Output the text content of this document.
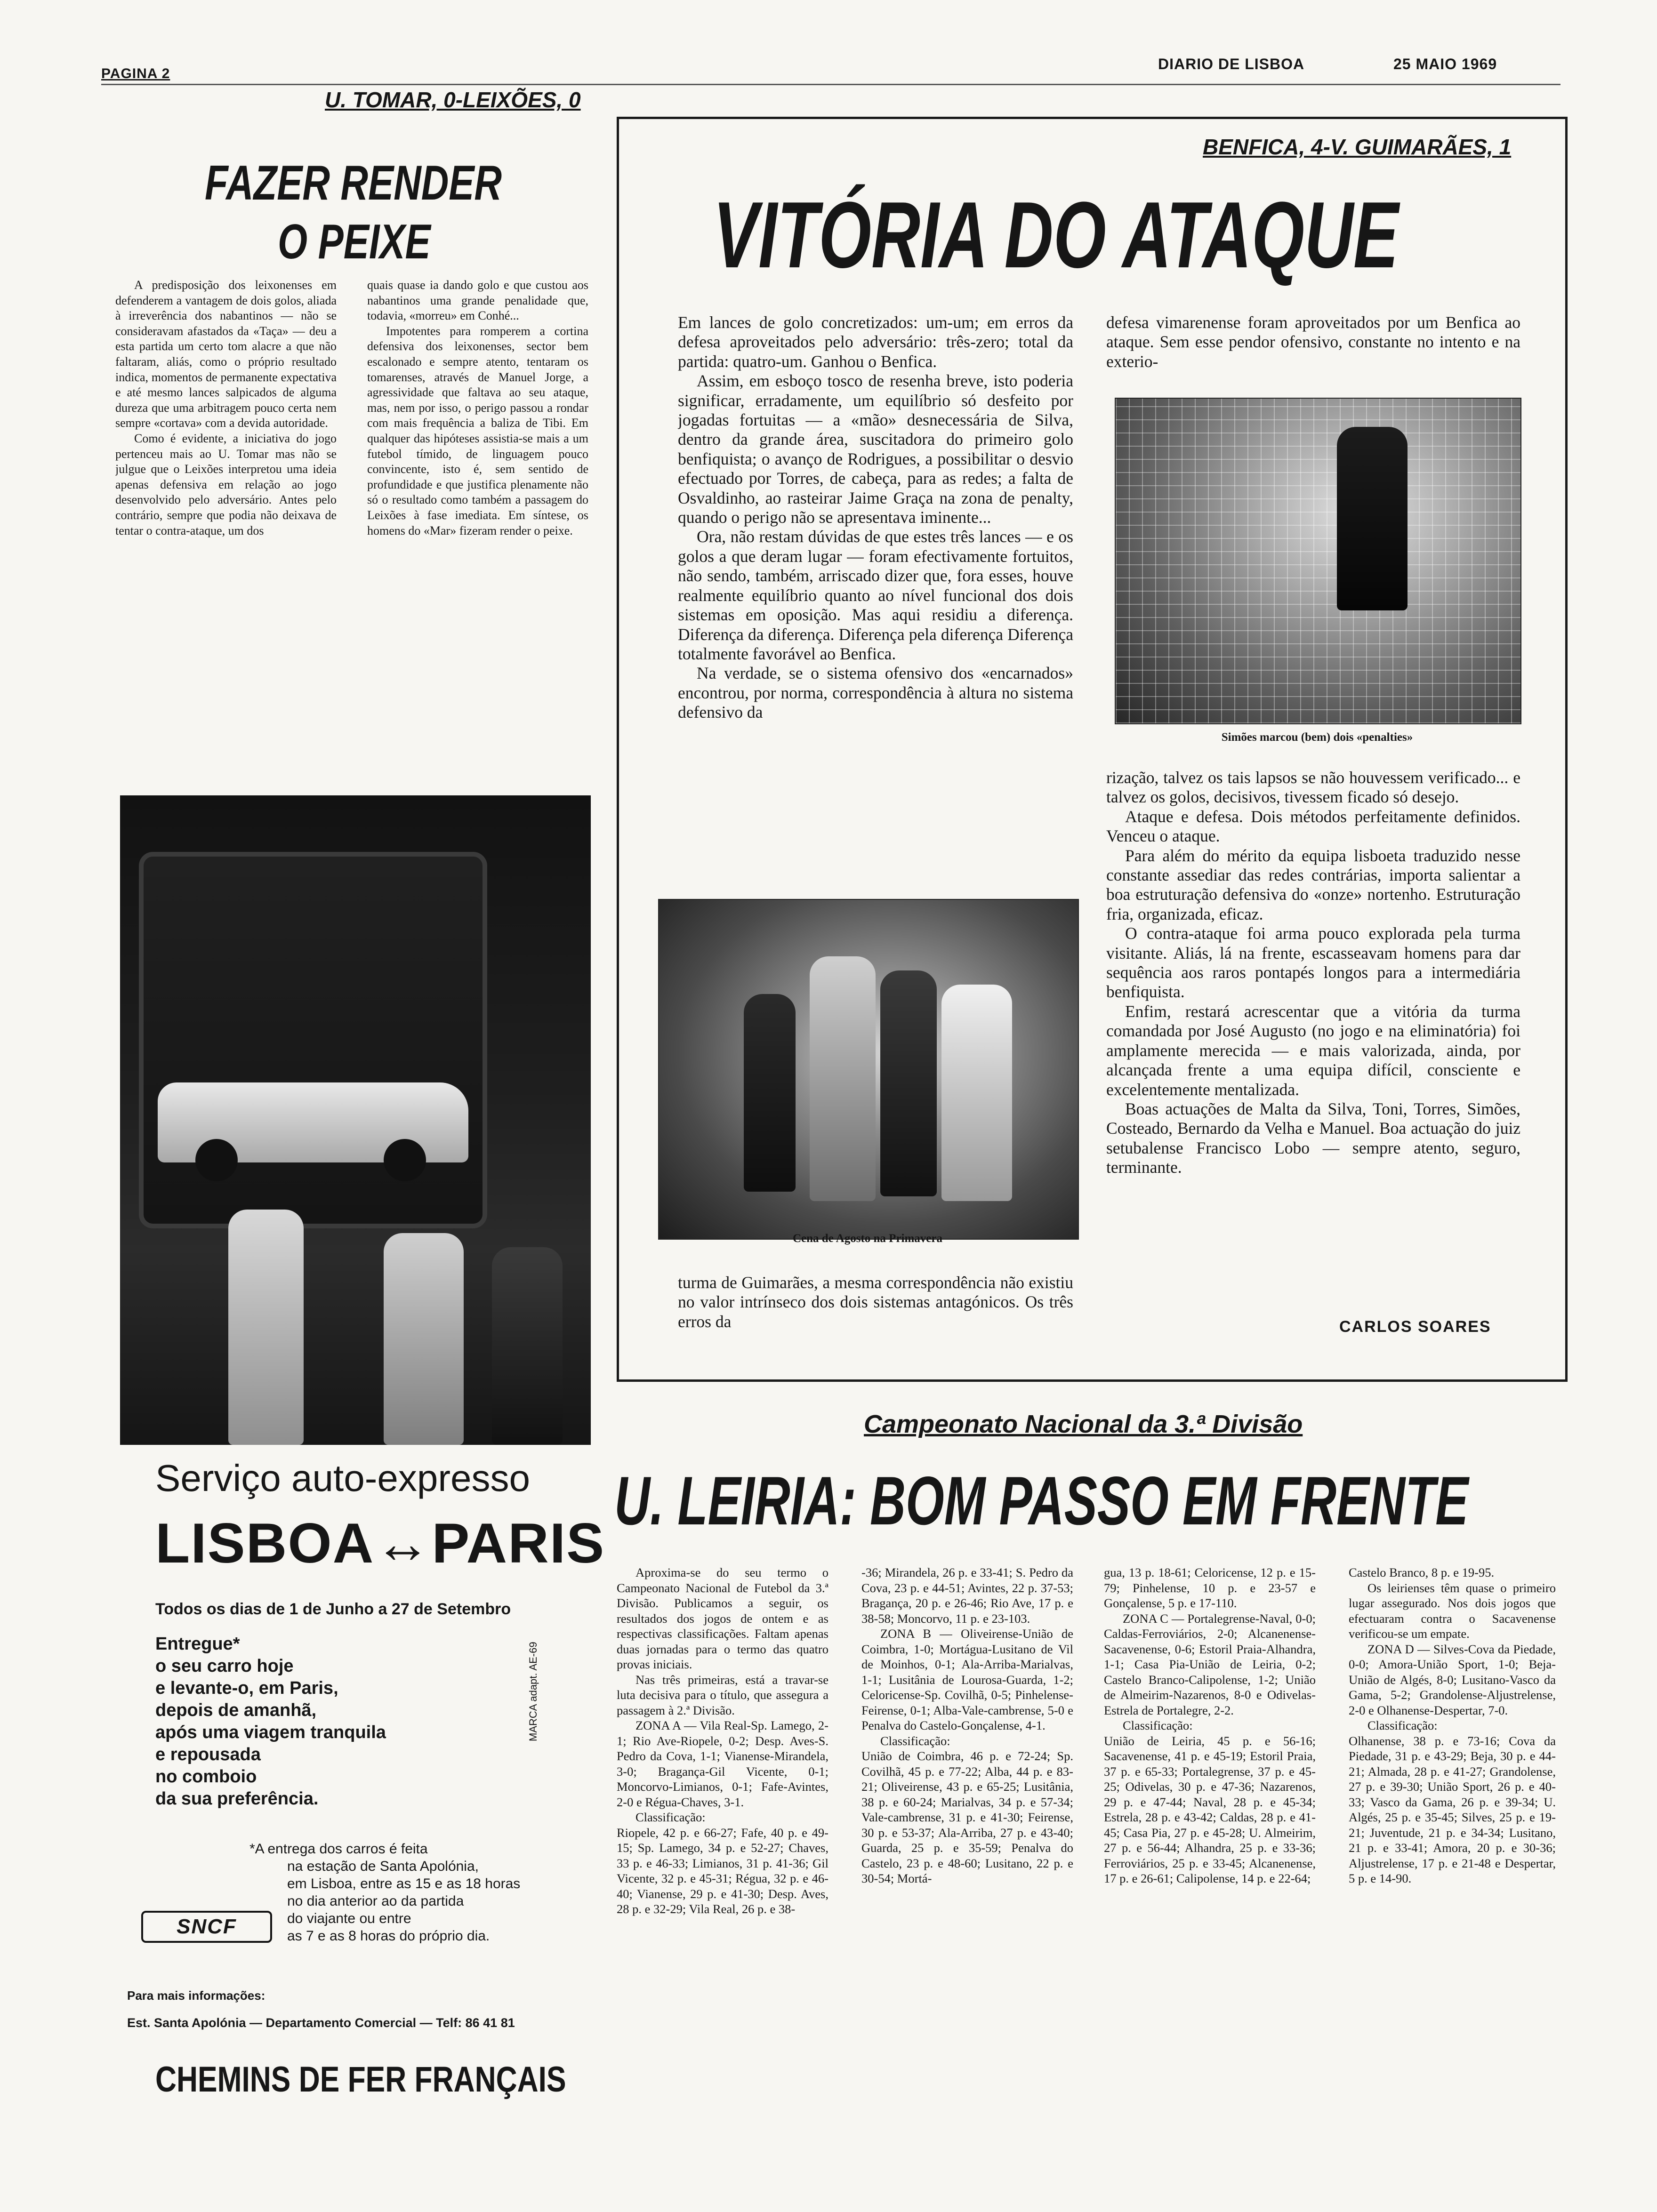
PAGINA 2
DIARIO DE LISBOA	25 MAIO 1969
U. TOMAR, 0-LEIXÕES, 0
FAZER RENDER
O PEIXE

A predisposição dos leixonenses em defenderem a vantagem de dois golos, aliada à irreverência dos nabantinos — não se consideravam afastados da «Taça» — deu a esta partida um certo tom alacre a que não faltaram, aliás, como o próprio resultado indica, momentos de permanente expectativa e até mesmo lances salpicados de alguma dureza que uma arbitragem pouco certa nem sempre «cortava» com a devida autoridade.

Como é evidente, a iniciativa do jogo pertenceu mais ao U. Tomar mas não se julgue que o Leixões interpretou uma ideia apenas defensiva em relação ao jogo desenvolvido pelo adversário. Antes pelo contrário, sempre que podia não deixava de tentar o contra-ataque, um dos

quais quase ia dando golo e que custou aos nabantinos uma grande penalidade que, todavia, «morreu» em Conhé...

Impotentes para romperem a cortina defensiva dos leixonenses, sector bem escalonado e sempre atento, tentaram os tomarenses, através de Manuel Jorge, a agressividade que faltava ao seu ataque, mas, nem por isso, o perigo passou a rondar com mais frequência a baliza de Tibi. Em qualquer das hipóteses assistia-se mais a um futebol tímido, de linguagem pouco convincente, isto é, sem sentido de profundidade e que justifica plenamente não só o resultado como também a passagem do Leixões à fase imediata. Em síntese, os homens do «Mar» fizeram render o peixe.

BENFICA, 4-V. GUIMARÃES, 1
VITÓRIA DO ATAQUE

Em lances de golo concretizados: um-um; em erros da defesa aproveitados pelo adversário: três-zero; total da partida: quatro-um. Ganhou o Benfica.

Assim, em esboço tosco de resenha breve, isto poderia significar, erradamente, um equilíbrio só desfeito por jogadas fortuitas — a «mão» desnecessária de Silva, dentro da grande área, suscitadora do primeiro golo benfiquista; o avanço de Rodrigues, a possibilitar o desvio efectuado por Torres, de cabeça, para as redes; a falta de Osvaldinho, ao rasteirar Jaime Graça na zona de penalty, quando o perigo não se apresentava iminente...

Ora, não restam dúvidas de que estes três lances — e os golos a que deram lugar — foram efectivamente fortuitos, não sendo, também, arriscado dizer que, fora esses, houve realmente equilíbrio quanto ao nível funcional dos dois sistemas em oposição. Mas aqui residiu a diferença. Diferença da diferença. Diferença pela diferença Diferença totalmente favorável ao Benfica.

Na verdade, se o sistema ofensivo dos «encarnados» encontrou, por norma, correspondência à altura no sistema defensivo da

Cena de Agosto na Primavera

turma de Guimarães, a mesma correspondência não existiu no valor intrínseco dos dois sistemas antagónicos. Os três erros da

defesa vimarenense foram aproveitados por um Benfica ao ataque. Sem esse pendor ofensivo, constante no intento e na exterio-

Simões marcou (bem) dois «penalties»

rização, talvez os tais lapsos se não houvessem verificado... e talvez os golos, decisivos, tivessem ficado só desejo.

Ataque e defesa. Dois métodos perfeitamente definidos. Venceu o ataque.

Para além do mérito da equipa lisboeta traduzido nesse constante assediar das redes contrárias, importa salientar a boa estruturação defensiva do «onze» nortenho. Estruturação fria, organizada, eficaz.

O contra-ataque foi arma pouco explorada pela turma visitante. Aliás, lá na frente, escasseavam homens para dar sequência aos raros pontapés longos para a intermediária benfiquista.

Enfim, restará acrescentar que a vitória da turma comandada por José Augusto (no jogo e na eliminatória) foi amplamente merecida — e mais valorizada, ainda, por alcançada frente a uma equipa difícil, consciente e excelentemente mentalizada.

Boas actuações de Malta da Silva, Toni, Torres, Simões, Costeado, Bernardo da Velha e Manuel. Boa actuação do juiz setubalense Francisco Lobo — sempre atento, seguro, terminante.

CARLOS SOARES
Serviço auto-expresso
LISBOA↔PARIS
Todos os dias de 1 de Junho a 27 de Setembro
Entregue*
o seu carro hoje
e levante-o, em Paris,
depois de amanhã,
após uma viagem tranquila
e repousada
no comboio
da sua preferência.
MARCA adapt. AE-69
*A entrega dos carros é feita
na estação de Santa Apolónia,
em Lisboa, entre as 15 e as 18 horas
no dia anterior ao da partida
do viajante ou entre
as 7 e as 8 horas do próprio dia.
SNCF
Para mais informações:
Est. Santa Apolónia — Departamento Comercial — Telf: 86 41 81
CHEMINS DE FER FRANÇAIS
Campeonato Nacional da 3.ª Divisão
U. LEIRIA: BOM PASSO EM FRENTE

Aproxima-se do seu termo o Campeonato Nacional de Futebol da 3.ª Divisão. Publicamos a seguir, os resultados dos jogos de ontem e as respectivas classificações. Faltam apenas duas jornadas para o termo das quatro provas iniciais.

Nas três primeiras, está a travar-se luta decisiva para o título, que assegura a passagem à 2.ª Divisão.

ZONA A — Vila Real-Sp. Lamego, 2-1; Rio Ave-Riopele, 0-2; Desp. Aves-S. Pedro da Cova, 1-1; Vianense-Mirandela, 3-0; Bragança-Gil Vicente, 0-1; Moncorvo-Limianos, 0-1; Fafe-Avintes, 2-0 e Régua-Chaves, 3-1.

Classificação:

Riopele, 42 p. e 66-27; Fafe, 40 p. e 49-15; Sp. Lamego, 34 p. e 52-27; Chaves, 33 p. e 46-33; Limianos, 31 p. 41-36; Gil Vicente, 32 p. e 45-31; Régua, 32 p. e 46-40; Vianense, 29 p. e 41-30; Desp. Aves, 28 p. e 32-29; Vila Real, 26 p. e 38-

-36; Mirandela, 26 p. e 33-41; S. Pedro da Cova, 23 p. e 44-51; Avintes, 22 p. 37-53; Bragança, 20 p. e 26-46; Rio Ave, 17 p. e 38-58; Moncorvo, 11 p. e 23-103.

ZONA B — Oliveirense-União de Coimbra, 1-0; Mortágua-Lusitano de Vil de Moinhos, 0-1; Ala-Arriba-Marialvas, 1-1; Lusitânia de Lourosa-Guarda, 1-2; Celoricense-Sp. Covilhã, 0-5; Pinhelense-Feirense, 0-1; Alba-Vale-cambrense, 5-0 e Penalva do Castelo-Gonçalense, 4-1.

Classificação:

União de Coimbra, 46 p. e 72-24; Sp. Covilhã, 45 p. e 77-22; Alba, 44 p. e 83-21; Oliveirense, 43 p. e 65-25; Lusitânia, 38 p. e 60-24; Marialvas, 34 p. e 57-34; Vale-cambrense, 31 p. e 41-30; Feirense, 30 p. e 53-37; Ala-Arriba, 27 p. e 43-40; Guarda, 25 p. e 35-59; Penalva do Castelo, 23 p. e 48-60; Lusitano, 22 p. e 30-54; Mortá-

gua, 13 p. 18-61; Celoricense, 12 p. e 15-79; Pinhelense, 10 p. e 23-57 e Gonçalense, 5 p. e 17-110.

ZONA C — Portalegrense-Naval, 0-0; Caldas-Ferroviários, 2-0; Alcanenense-Sacavenense, 0-6; Estoril Praia-Alhandra, 1-1; Casa Pia-União de Leiria, 0-2; Castelo Branco-Calipolense, 1-2; União de Almeirim-Nazarenos, 8-0 e Odivelas-Estrela de Portalegre, 2-2.

Classificação:

União de Leiria, 45 p. e 56-16; Sacavenense, 41 p. e 45-19; Estoril Praia, 37 p. e 65-33; Portalegrense, 37 p. e 45-25; Odivelas, 30 p. e 47-36; Nazarenos, 29 p. e 47-44; Naval, 28 p. e 45-34; Estrela, 28 p. e 43-42; Caldas, 28 p. e 41-45; Casa Pia, 27 p. e 45-28; U. Almeirim, 27 p. e 56-44; Alhandra, 25 p. e 33-36; Ferroviários, 25 p. e 33-45; Alcanenense, 17 p. e 26-61; Calipolense, 14 p. e 22-64;

Castelo Branco, 8 p. e 19-95.

Os leirienses têm quase o primeiro lugar assegurado. Nos dois jogos que efectuaram contra o Sacavenense verificou-se um empate.

ZONA D — Silves-Cova da Piedade, 0-0; Amora-União Sport, 1-0; Beja-União de Algés, 8-0; Lusitano-Vasco da Gama, 5-2; Grandolense-Aljustrelense, 2-0 e Olhanense-Despertar, 7-0.

Classificação:

Olhanense, 38 p. e 73-16; Cova da Piedade, 31 p. e 43-29; Beja, 30 p. e 44-21; Almada, 28 p. e 41-27; Grandolense, 27 p. e 39-30; União Sport, 26 p. e 40-33; Vasco da Gama, 26 p. e 39-34; U. Algés, 25 p. e 35-45; Silves, 25 p. e 19-21; Juventude, 21 p. e 34-34; Lusitano, 21 p. e 33-41; Amora, 20 p. e 30-36; Aljustrelense, 17 p. e 21-48 e Despertar, 5 p. e 14-90.
